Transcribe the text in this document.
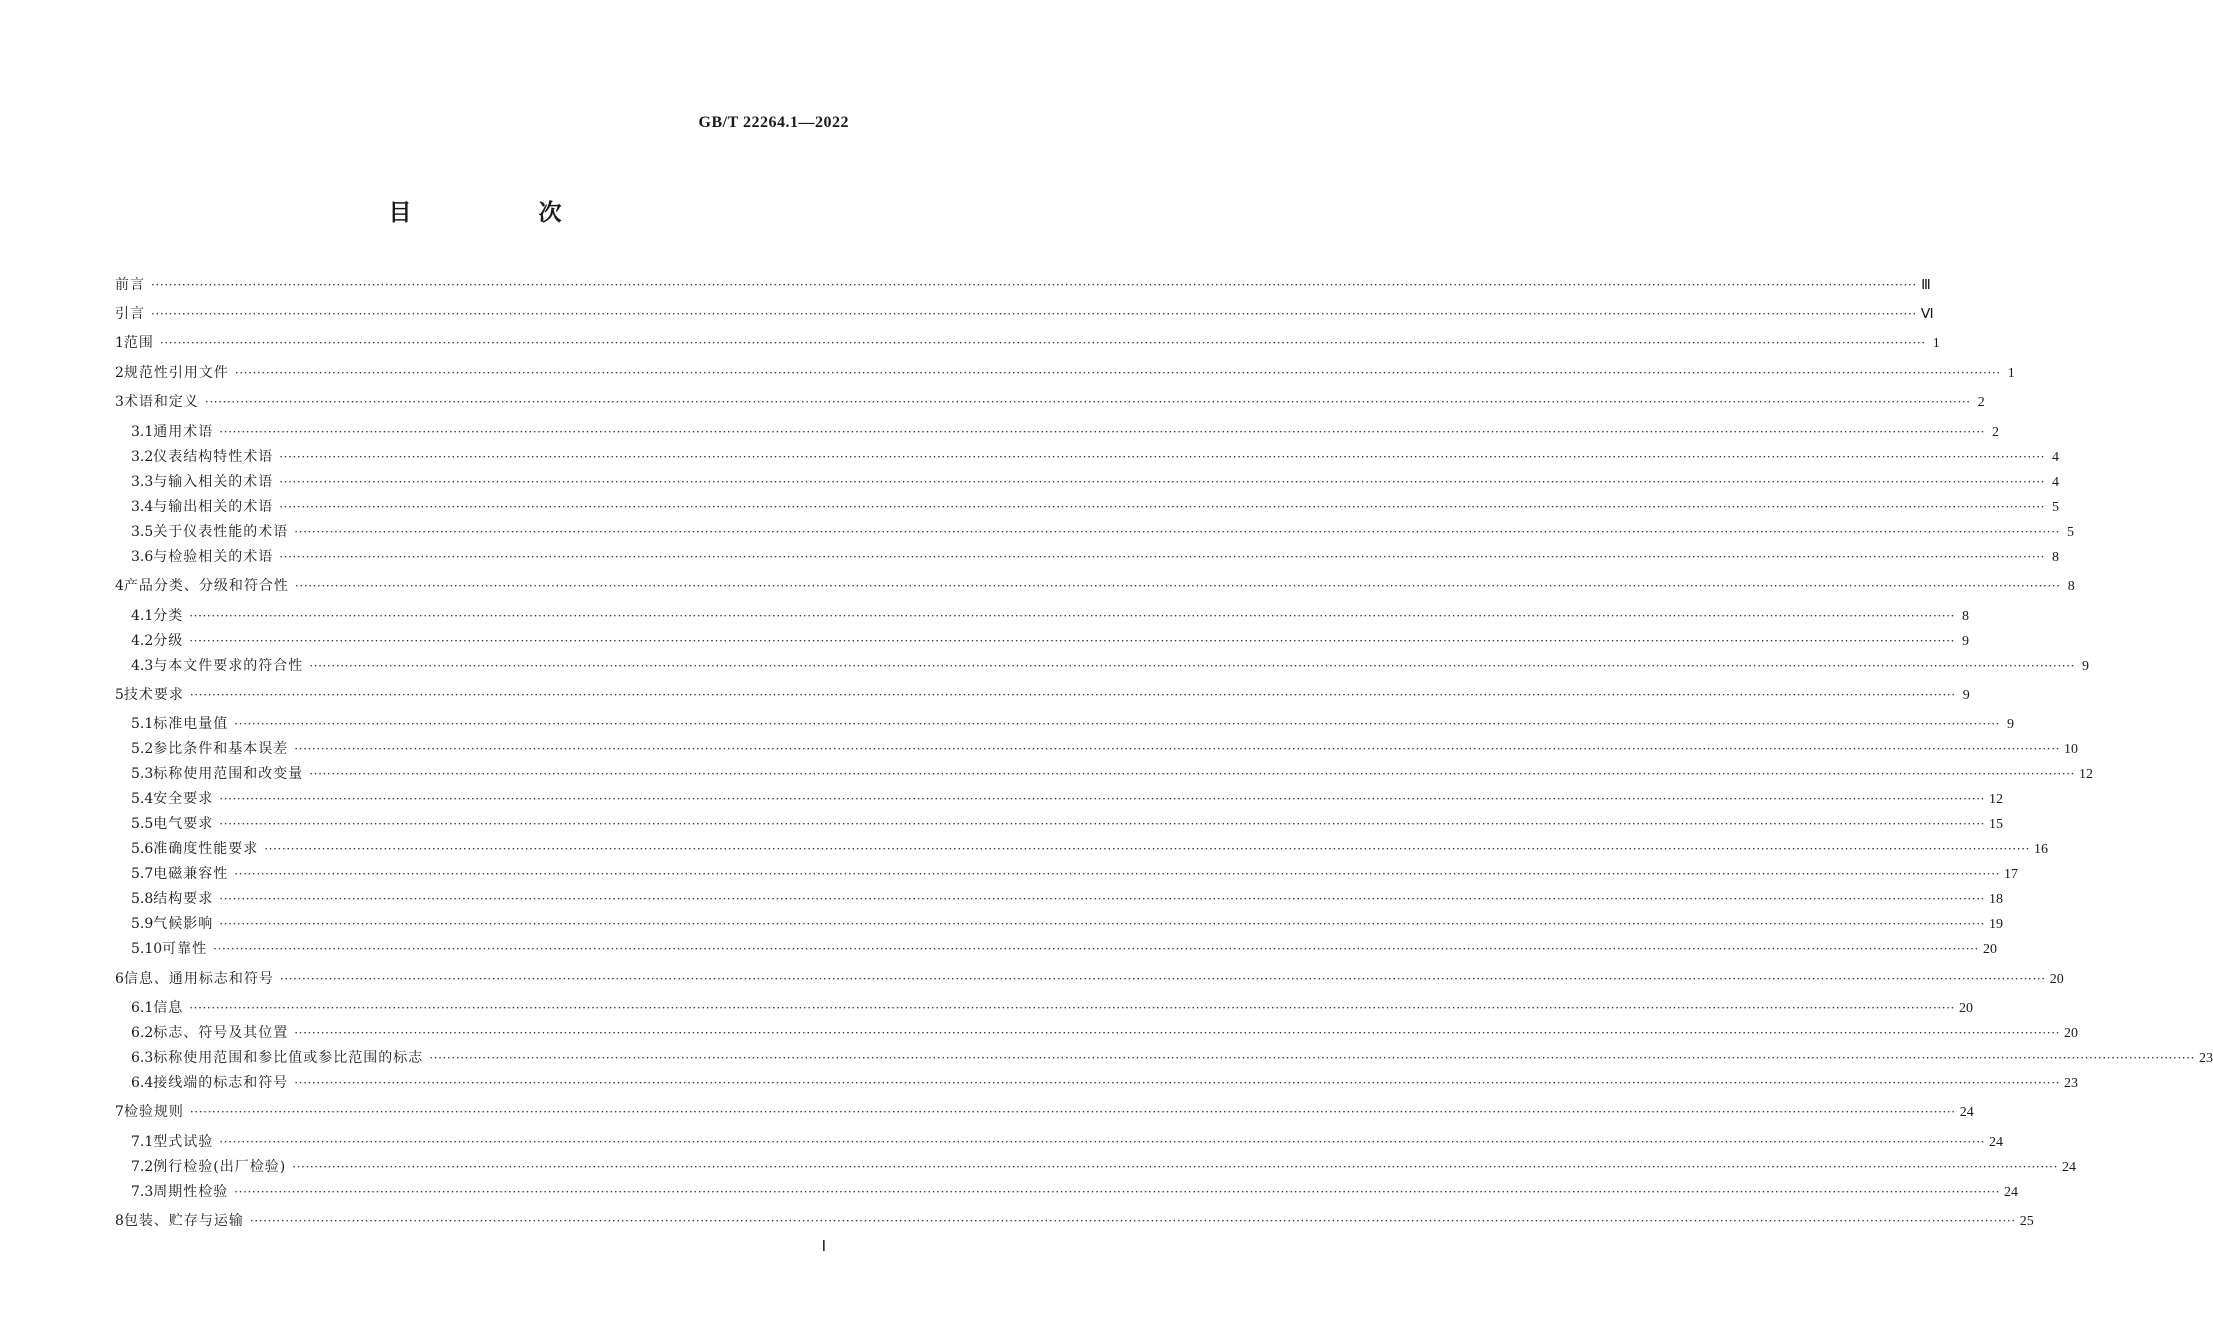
GB/T 22264.1—2022
目　次
前言 ················································································································································································································································································································································································································ Ⅲ
引言 ················································································································································································································································································································································································································ Ⅵ
1 范围 ················································································································································································································································································································································································································ 1
2 规范性引用文件 ················································································································································································································································································································································································································ 1
3 术语和定义 ················································································································································································································································································································································································································ 2
3.1 通用术语 ················································································································································································································································································································································································································ 2
3.2 仪表结构特性术语 ················································································································································································································································································································································································································ 4
3.3 与输入相关的术语 ················································································································································································································································································································································································································ 4
3.4 与输出相关的术语 ················································································································································································································································································································································································································ 5
3.5 关于仪表性能的术语 ················································································································································································································································································································································································································ 5
3.6 与检验相关的术语 ················································································································································································································································································································································································································ 8
4 产品分类、分级和符合性 ················································································································································································································································································································································································································ 8
4.1 分类 ················································································································································································································································································································································································································ 8
4.2 分级 ················································································································································································································································································································································································································ 9
4.3 与本文件要求的符合性 ················································································································································································································································································································································································································ 9
5 技术要求 ················································································································································································································································································································································································································ 9
5.1 标准电量值 ················································································································································································································································································································································································································ 9
5.2 参比条件和基本误差 ················································································································································································································································································································································································································ 10
5.3 标称使用范围和改变量 ················································································································································································································································································································································································································ 12
5.4 安全要求 ················································································································································································································································································································································································································ 12
5.5 电气要求 ················································································································································································································································································································································································································ 15
5.6 准确度性能要求 ················································································································································································································································································································································································································ 16
5.7 电磁兼容性 ················································································································································································································································································································································································································ 17
5.8 结构要求 ················································································································································································································································································································································································································ 18
5.9 气候影响 ················································································································································································································································································································································································································ 19
5.10 可靠性 ················································································································································································································································································································································································································ 20
6 信息、通用标志和符号 ················································································································································································································································································································································································································ 20
6.1 信息 ················································································································································································································································································································································································································ 20
6.2 标志、符号及其位置 ················································································································································································································································································································································································································ 20
6.3 标称使用范围和参比值或参比范围的标志 ················································································································································································································································································································································································································ 23
6.4 接线端的标志和符号 ················································································································································································································································································································································································································ 23
7 检验规则 ················································································································································································································································································································································································································ 24
7.1 型式试验 ················································································································································································································································································································································································································ 24
7.2 例行检验(出厂检验) ················································································································································································································································································································································································································ 24
7.3 周期性检验 ················································································································································································································································································································································································································ 24
8 包装、贮存与运输 ················································································································································································································································································································································································································ 25
Ⅰ
